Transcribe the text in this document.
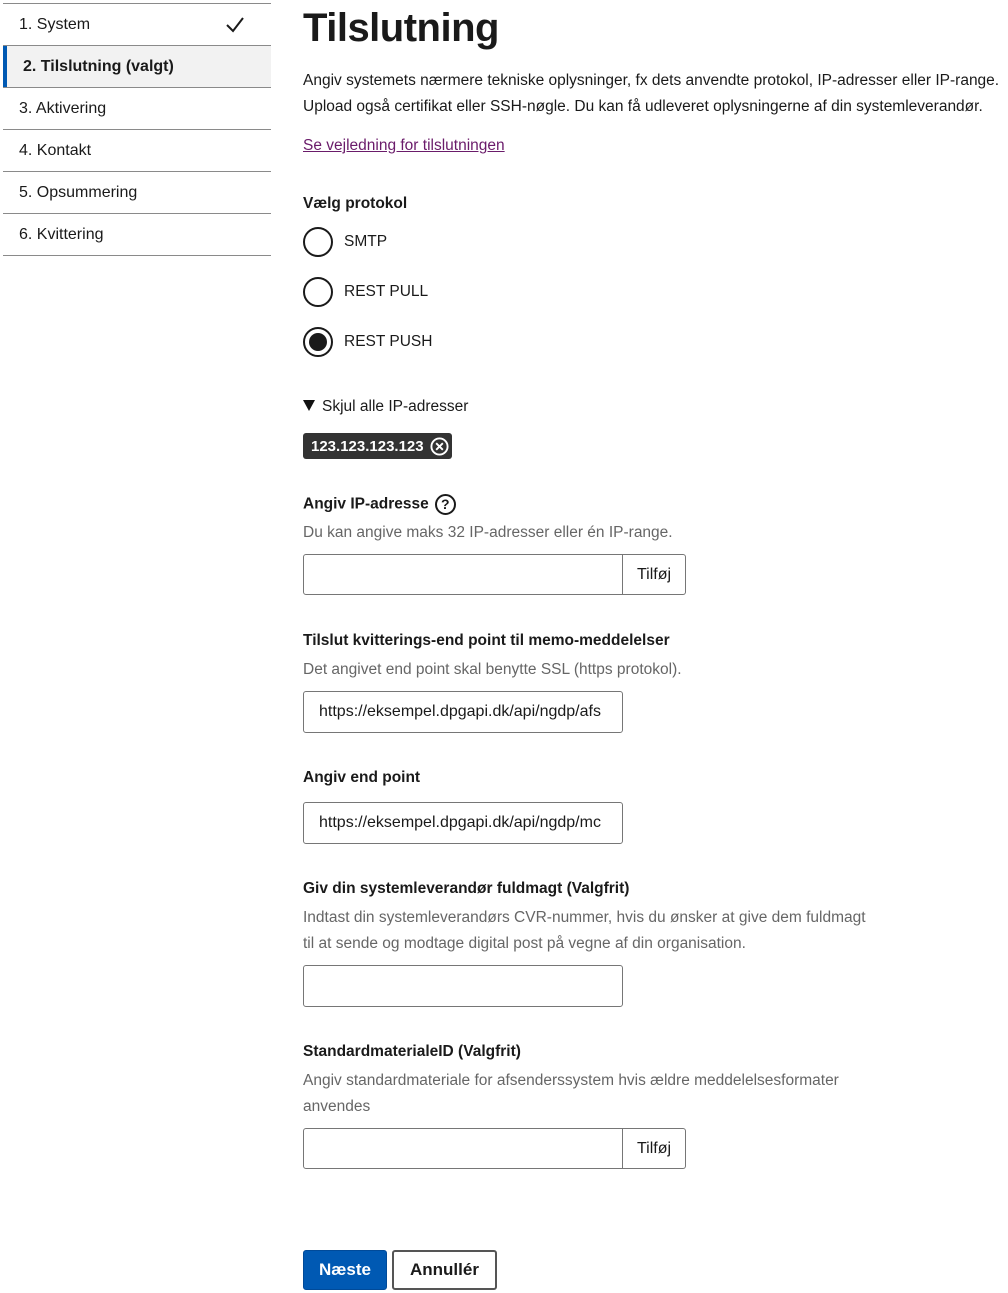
1. System
2. Tilslutning (valgt)
3. Aktivering
4. Kontakt
5. Opsummering
6. Kvittering
Tilslutning

Angiv systemets nærmere tekniske oplysninger, fx dets anvendte protokol, IP-adresser eller IP-range. Upload også certifikat eller SSH-nøgle. Du kan få udleveret oplysningerne af din systemleverandør.

Se vejledning for tilslutningen
Vælg protokol
SMTP
REST PULL
REST PUSH
Skjul alle IP-adresser
123.123.123.123
Angiv IP-adresse ?
Du kan angive maks 32 IP-adresser eller én IP-range.
Tilføj
Tilslut kvitterings-end point til memo-meddelelser
Det angivet end point skal benytte SSL (https protokol).
https://eksempel.dpgapi.dk/api/ngdp/afs
Angiv end point
https://eksempel.dpgapi.dk/api/ngdp/mc
Giv din systemleverandør fuldmagt (Valgfrit)
Indtast din systemleverandørs CVR-nummer, hvis du ønsker at give dem fuldmagt
til at sende og modtage digital post på vegne af din organisation.
StandardmaterialeID (Valgfrit)
Angiv standardmateriale for afsenderssystem hvis ældre meddelelsesformater
anvendes
Tilføj
Næste	Annullér
